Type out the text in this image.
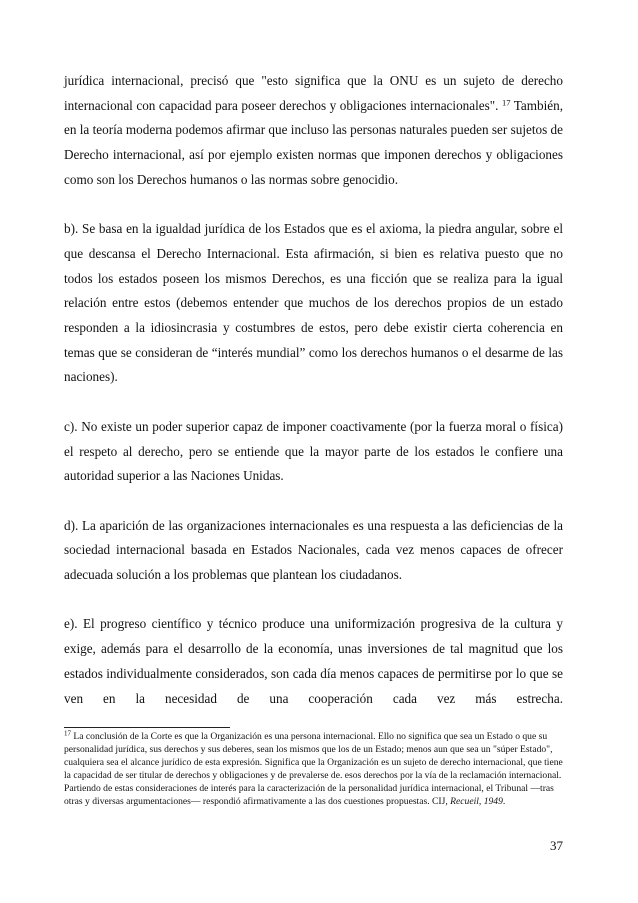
jurídica internacional, precisó que "esto significa que la ONU es un sujeto de derecho internacional con capacidad para poseer derechos y obligaciones internacionales". $^{17}$ También, en la teoría moderna podemos afirmar que incluso las personas naturales pueden ser sujetos de Derecho internacional, así por ejemplo existen normas que imponen derechos y obligaciones como son los Derechos humanos o las normas sobre genocidio.

b). Se basa en la igualdad jurídica de los Estados que es el axioma, la piedra angular, sobre el que descansa el Derecho Internacional. Esta afirmación, si bien es relativa puesto que no todos los estados poseen los mismos Derechos, es una ficción que se realiza para la igual relación entre estos (debemos entender que muchos de los derechos propios de un estado responden a la idiosincrasia y costumbres de estos, pero debe existir cierta coherencia en temas que se consideran de “interés mundial” como los derechos humanos o el desarme de las naciones).

c). No existe un poder superior capaz de imponer coactivamente (por la fuerza moral o física) el respeto al derecho, pero se entiende que la mayor parte de los estados le confiere una autoridad superior a las Naciones Unidas.

d). La aparición de las organizaciones internacionales es una respuesta a las deficiencias de la sociedad internacional basada en Estados Nacionales, cada vez menos capaces de ofrecer adecuada solución a los problemas que plantean los ciudadanos.

e). El progreso científico y técnico produce una uniformización progresiva de la cultura y exige, además para el desarrollo de la economía, unas inversiones de tal magnitud que los estados individualmente considerados, son cada día menos capaces de permitirse por lo que se ven en la necesidad de una cooperación cada vez más estrecha.

$^{17}$ La conclusión de la Corte es que la Organización es una persona internacional. Ello no significa que sea un Estado o que su personalidad jurídica, sus derechos y sus deberes, sean los mismos que los de un Estado; menos aun que sea un "súper Estado", cualquiera sea el alcance jurídico de esta expresión. Significa que la Organización es un sujeto de derecho internacional, que tiene la capacidad de ser titular de derechos y obligaciones y de prevalerse de. esos derechos por la vía de la reclamación internacional. Partiendo de estas consideraciones de interés para la caracterización de la personalidad jurídica internacional, el Tribunal —tras otras y diversas argumentaciones— respondió afirmativamente a las dos cuestiones propuestas. CIJ, Recueil, 1949.
37
